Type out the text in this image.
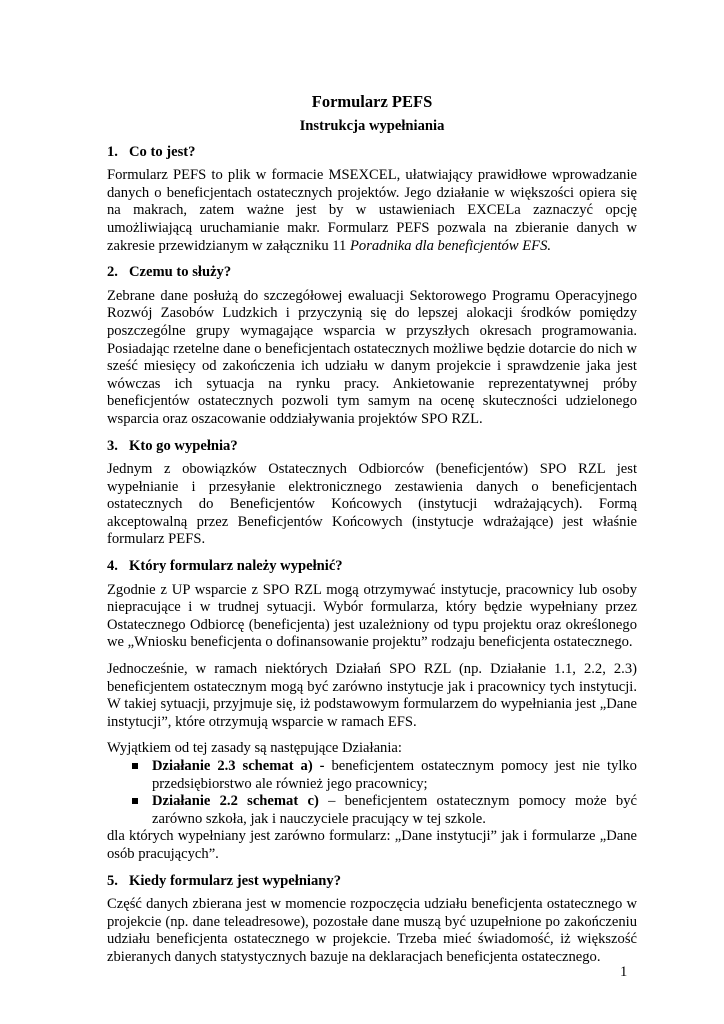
Formularz PEFS
Instrukcja wypełniania
1. Co to jest?

Formularz PEFS to plik w formacie MSEXCEL, ułatwiający prawidłowe wprowadzanie danych o beneficjentach ostatecznych projektów. Jego działanie w większości opiera się na makrach, zatem ważne jest by w ustawieniach EXCELa zaznaczyć opcję umożliwiającą uruchamianie makr. Formularz PEFS pozwala na zbieranie danych w zakresie przewidzianym w załączniku 11 Poradnika dla beneficjentów EFS.

2. Czemu to służy?

Zebrane dane posłużą do szczegółowej ewaluacji Sektorowego Programu Operacyjnego Rozwój Zasobów Ludzkich i przyczynią się do lepszej alokacji środków pomiędzy poszczególne grupy wymagające wsparcia w przyszłych okresach programowania. Posiadając rzetelne dane o beneficjentach ostatecznych możliwe będzie dotarcie do nich w sześć miesięcy od zakończenia ich udziału w danym projekcie i sprawdzenie jaka jest wówczas ich sytuacja na rynku pracy. Ankietowanie reprezentatywnej próby beneficjentów ostatecznych pozwoli tym samym na ocenę skuteczności udzielonego wsparcia oraz oszacowanie oddziaływania projektów SPO RZL.

3. Kto go wypełnia?

Jednym z obowiązków Ostatecznych Odbiorców (beneficjentów) SPO RZL jest wypełnianie i przesyłanie elektronicznego zestawienia danych o beneficjentach ostatecznych do Beneficjentów Końcowych (instytucji wdrażających). Formą akceptowalną przez Beneficjentów Końcowych (instytucje wdrażające) jest właśnie formularz PEFS.

4. Który formularz należy wypełnić?

Zgodnie z UP wsparcie z SPO RZL mogą otrzymywać instytucje, pracownicy lub osoby niepracujące i w trudnej sytuacji. Wybór formularza, który będzie wypełniany przez Ostatecznego Odbiorcę (beneficjenta) jest uzależniony od typu projektu oraz określonego we „Wniosku beneficjenta o dofinansowanie projektu” rodzaju beneficjenta ostatecznego.

Jednocześnie, w ramach niektórych Działań SPO RZL (np. Działanie 1.1, 2.2, 2.3) beneficjentem ostatecznym mogą być zarówno instytucje jak i pracownicy tych instytucji. W takiej sytuacji, przyjmuje się, iż podstawowym formularzem do wypełniania jest „Dane instytucji”, które otrzymują wsparcie w ramach EFS.

Wyjątkiem od tej zasady są następujące Działania:

Działanie 2.3 schemat a) - beneficjentem ostatecznym pomocy jest nie tylko przedsiębiorstwo ale również jego pracownicy;
Działanie 2.2 schemat c) – beneficjentem ostatecznym pomocy może być zarówno szkoła, jak i nauczyciele pracujący w tej szkole.

dla których wypełniany jest zarówno formularz: „Dane instytucji” jak i formularze „Dane osób pracujących”.

5. Kiedy formularz jest wypełniany?

Część danych zbierana jest w momencie rozpoczęcia udziału beneficjenta ostatecznego w projekcie (np. dane teleadresowe), pozostałe dane muszą być uzupełnione po zakończeniu udziału beneficjenta ostatecznego w projekcie. Trzeba mieć świadomość, iż większość zbieranych danych statystycznych bazuje na deklaracjach beneficjenta ostatecznego.

1
